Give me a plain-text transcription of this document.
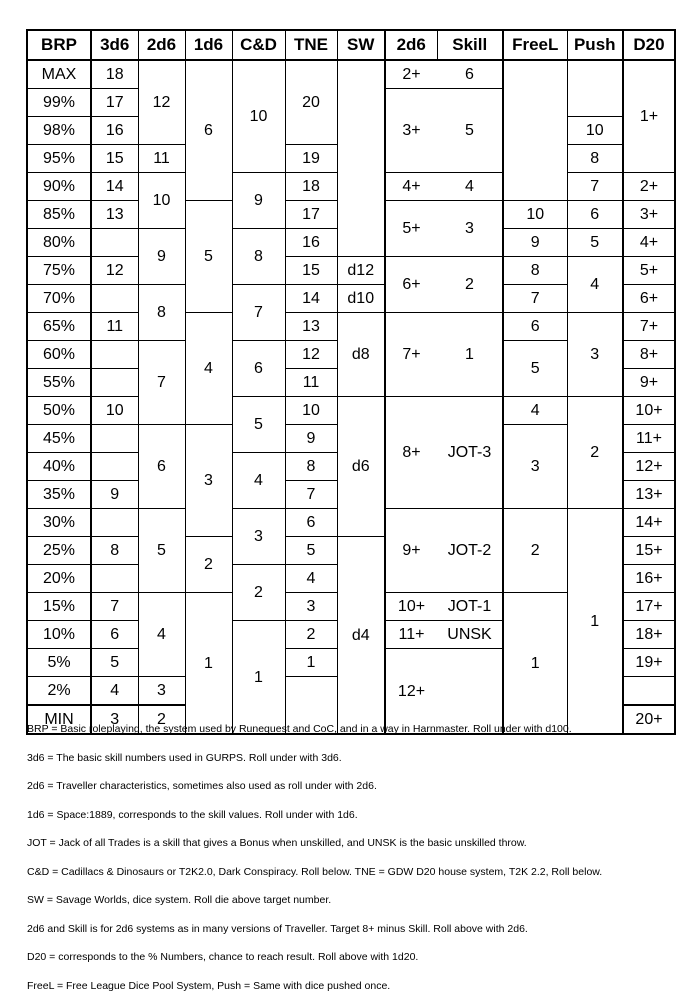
BRP	3d6	2d6	1d6	C&D	TNE	SW	2d6	Skill	FreeL	Push	D20
MAX	18	12	6	10	20		2+	6			1+
99%	17						3+	5			
98%	16									10	
95%	15	11			19					8	
90%	14	10		9	18		4+	4		7	2+
85%	13		5		17		5+	3	10	6	3+
80%		9		8	16				9	5	4+
75%	12				15	d12	6+	2	8	4	5+
70%		8		7	14	d10			7		6+
65%	11		4		13	d8	7+	1	6	3	7+
60%		7		6	12				5		8+
55%					11						9+
50%	10			5	10	d6	8+	JOT-3	4	2	10+
45%		6	3		9				3		11+
40%				4	8						12+
35%	9				7						13+
30%		5		3	6		9+	JOT-2	2	1	14+
25%	8		2		5	d4					15+
20%				2	4						16+
15%	7	4	1		3		10+	JOT-1	1		17+
10%	6			1	2		11+	UNSK			18+
5%	5				1		12+				19+
2%	4	3									
MIN	3	2									20+
BRP = Basic roleplaying, the system used by Runequest and CoC, and in a way in Harnmaster. Roll under with d100.
3d6 = The basic skill numbers used in GURPS. Roll under with 3d6.
2d6 = Traveller characteristics, sometimes also used as roll under with 2d6.
1d6 = Space:1889, corresponds to the skill values. Roll under with 1d6.
JOT = Jack of all Trades is a skill that gives a Bonus when unskilled, and UNSK is the basic unskilled throw.
C&D = Cadillacs & Dinosaurs or T2K2.0, Dark Conspiracy. Roll below. TNE = GDW D20 house system, T2K 2.2, Roll below.
SW = Savage Worlds, dice system. Roll die above target number.
2d6 and Skill is for 2d6 systems as in many versions of Traveller. Target 8+ minus Skill. Roll above with 2d6.
D20 = corresponds to the % Numbers, chance to reach result. Roll above with 1d20.
FreeL = Free League Dice Pool System, Push = Same with dice pushed once.
